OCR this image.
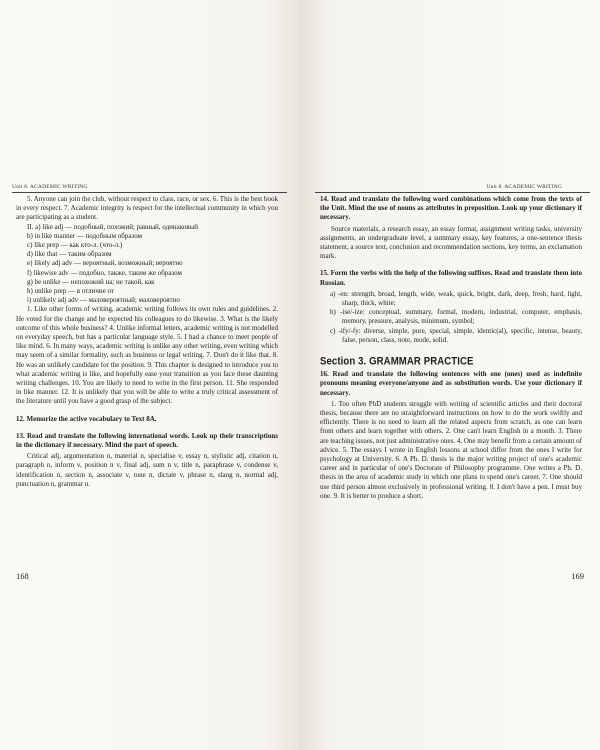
Unit 8. ACADEMIC WRITING

5. Anyone can join the club, without respect to class, race, or sex. 6. This is the best book in every respect. 7. Academic integrity is respect for the intellectual community in which you are participating as a student.

II. a) like adj — подобный, похожий; равный, одинаковый

b) in like manner — подобным образом
c) like prep — как кто-л. (что-л.)
d) like that — таким образом
e) likely adj adv — вероятный, возможный; вероятно
f) likewise adv — подобно, также, таким же образом
g) be unlike — непохожий на; не такой, как
h) unlike prep — в отличие от
i) unlikely adj adv — маловероятный; маловероятно

1. Like other forms of writing, academic writing follows its own rules and guidelines. 2. He voted for the change and he expected his colleagues to do likewise. 3. What is the likely outcome of this whole business? 4. Unlike informal letters, academic writing is not modelled on everyday speech, but has a particular language style. 5. I had a chance to meet people of like mind. 6. In many ways, academic writing is unlike any other writing, even writing which may seem of a similar formality, such as business or legal writing. 7. Don't do it like that. 8. He was an unlikely candidate for the position. 9. This chapter is designed to introduce you to what academic writing is like, and hopefully ease your transition as you face these daunting writing challenges. 10. You are likely to need to write in the first person. 11. She responded in like manner. 12. It is unlikely that you will be able to write a truly critical assessment of the literature until you have a good grasp of the subject.

12. Memorize the active vocabulary to Text 8A.

13. Read and translate the following international words. Look up their transcriptions in the dictionary if necessary. Mind the part of speech.

Critical adj, argumentation n, material n, specialise v, essay n, stylistic adj, citation n, paragraph n, inform v, position n v, final adj, sum n v, title n, paraphrase v, condense v, identification n, section n, associate v, tone n, dictate v, phrase n, slang n, normal adj, punctuation n, grammar n.

168
Unit 8. ACADEMIC WRITING

14. Read and translate the following word combinations which come from the texts of the Unit. Mind the use of nouns as attributes in preposition. Look up your dictionary if necessary.

Source materials, a research essay, an essay format, assignment writing tasks, university assignments, an undergraduate level, a summary essay, key features, a one-sentence thesis statement, a source text, conclusion and recommendation sections, key terms, an exclamation mark.

15. Form the verbs with the help of the following suffixes. Read and translate them into Russian.

a) -en: strength, broad, length, wide, weak, quick, bright, dark, deep, fresh, hard, light, sharp, thick, white;

b) -ise/-ize: conceptual, summary, formal, modern, industrial, computer, emphasis, memory, pressure, analysis, minimum, symbol;

c) -ify/-fy: diverse, simple, pure, special, simple, identic(al), specific, intense, beauty, false, person, class, note, mode, solid.

Section 3. GRAMMAR PRACTICE

16. Read and translate the following sentences with one (ones) used as indefinite pronouns meaning everyone/anyone and as substitution words. Use your dictionary if necessary.

1. Too often PhD students struggle with writing of scientific articles and their doctoral thesis, because there are no straightforward instructions on how to do the work swiftly and efficiently. There is no need to learn all the related aspects from scratch, as one can learn from others and learn together with others. 2. One can't learn English in a month. 3. There are teaching issues, not just administrative ones. 4. One may benefit from a certain amount of advice. 5. The essays I wrote in English lessons at school differ from the ones I write for psychology at University. 6. A Ph. D. thesis is the major writing project of one's academic career and in particular of one's Doctorate of Philosophy programme. One writes a Ph. D. thesis in the area of academic study in which one plans to spend one's career. 7. One should use third person almost exclusively in professional writing. 8. I don't have a pen. I must buy one. 9. It is better to produce a short,

169
